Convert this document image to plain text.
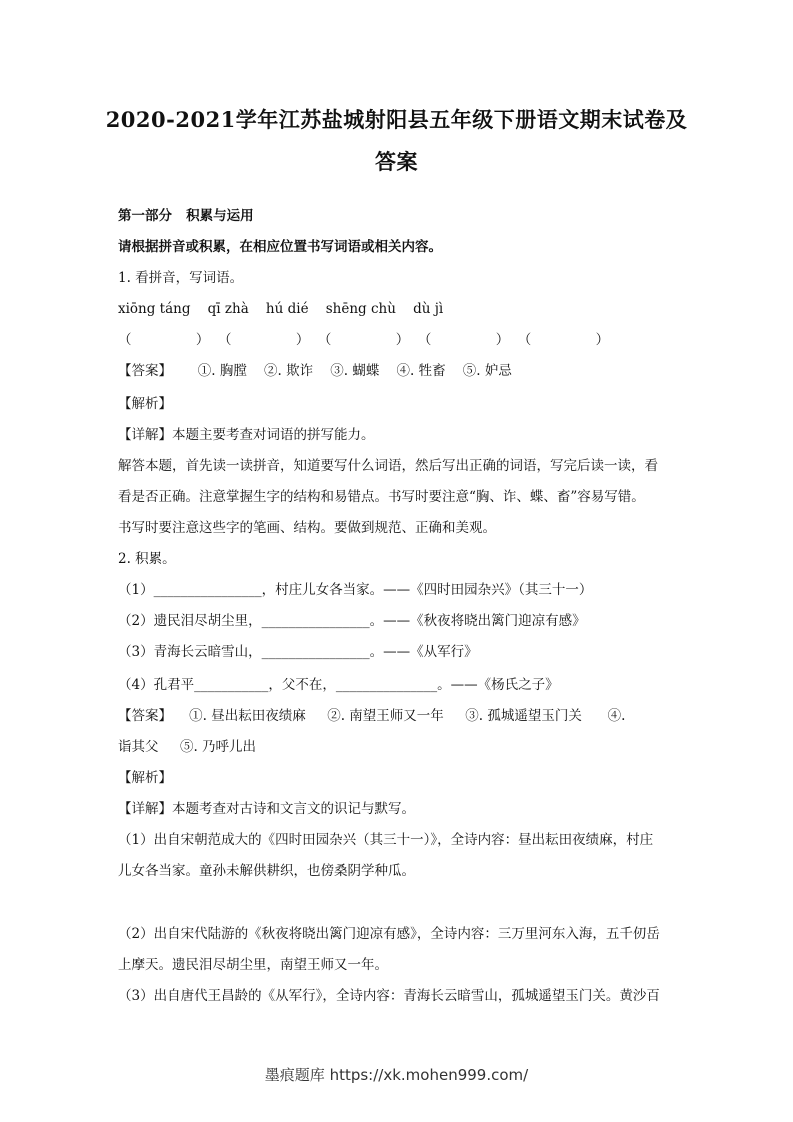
2020-2021学年江苏盐城射阳县五年级下册语文期末试卷及
答案
第一部分   积累与运用
请根据拼音或积累，在相应位置书写词语或相关内容。
1. 看拼音，写词语。
xiōng táng    qī zhà    hú dié    shēng chù    dù jì
（               ）  （               ）  （               ）  （               ）  （               ）
【答案】      ①. 胸膛    ②. 欺诈    ③. 蝴蝶    ④. 牲畜    ⑤. 妒忌
【解析】
【详解】本题主要考查对词语的拼写能力。
解答本题，首先读一读拼音，知道要写什么词语，然后写出正确的词语，写完后读一读，看
看是否正确。注意掌握生字的结构和易错点。书写时要注意“胸、诈、蝶、畜”容易写错。
书写时要注意这些字的笔画、结构。要做到规范、正确和美观。
2. 积累。
（1）________________，村庄儿女各当家。——《四时田园杂兴》（其三十一）
（2）遗民泪尽胡尘里，________________。——《秋夜将晓出篱门迎凉有感》
（3）青海长云暗雪山，________________。——《从军行》
（4）孔君平___________，父不在，_______________。——《杨氏之子》
【答案】    ①. 昼出耘田夜绩麻     ②. 南望王师又一年     ③. 孤城遥望玉门关      ④.
诣其父     ⑤. 乃呼儿出
【解析】
【详解】本题考查对古诗和文言文的识记与默写。
（1）出自宋朝范成大的《四时田园杂兴（其三十一）》，全诗内容：昼出耘田夜绩麻，村庄
儿女各当家。童孙未解供耕织，也傍桑阴学种瓜。
（2）出自宋代陆游的《秋夜将晓出篱门迎凉有感》，全诗内容：三万里河东入海，五千仞岳
上摩天。遗民泪尽胡尘里，南望王师又一年。
（3）出自唐代王昌龄的《从军行》，全诗内容：青海长云暗雪山，孤城遥望玉门关。黄沙百
墨痕题库 https://xk.mohen999.com/
